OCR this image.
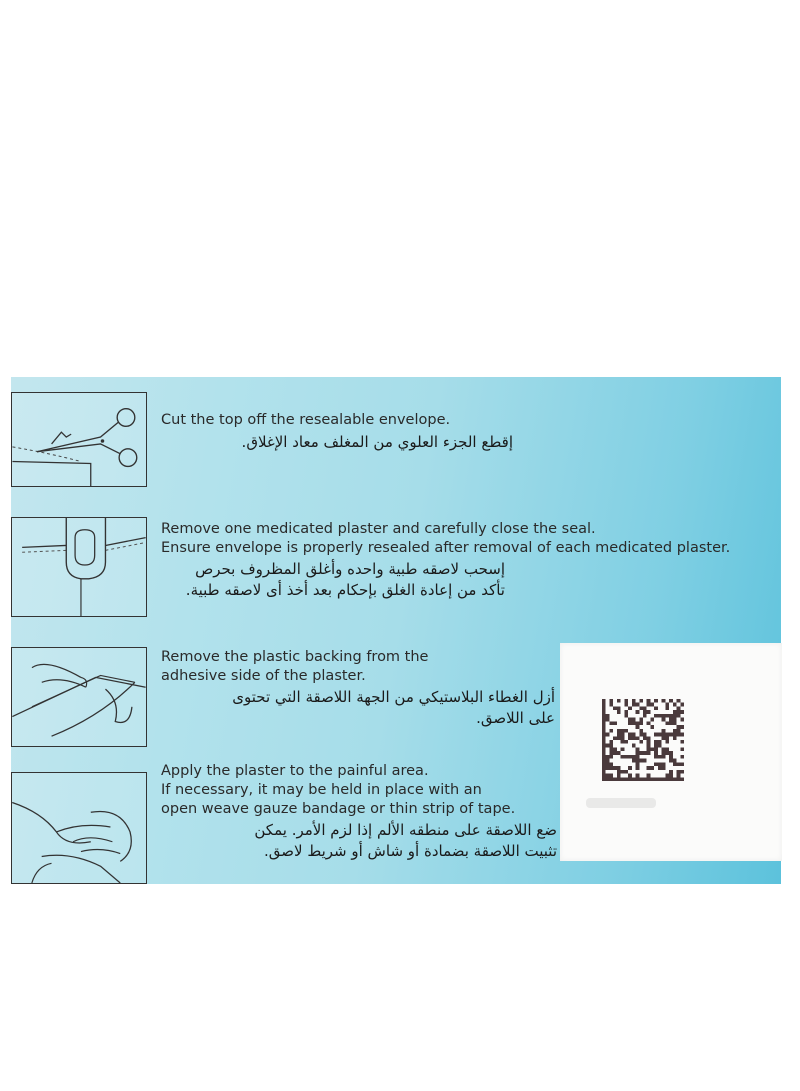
Cut the top off the resealable envelope.
إقطع الجزء العلوي من المغلف معاد الإغلاق.
Remove one medicated plaster and carefully close the seal.
Ensure envelope is properly resealed after removal of each medicated plaster.
إسحب لاصقه طبية واحده وأغلق المظروف بحرص
تأكد من إعادة الغلق بإحكام بعد أخذ أى لاصقه طبية.
Remove the plastic backing from the
adhesive side of the plaster.
أزل الغطاء البلاستيكي من الجهة اللاصقة التي تحتوى
على اللاصق.
Apply the plaster to the painful area.
If necessary, it may be held in place with an
open weave gauze bandage or thin strip of tape.
ضع اللاصقة على منطقه الألم إذا لزم الأمر. يمكن
تثبيت اللاصقة بضمادة أو شاش أو شريط لاصق.
